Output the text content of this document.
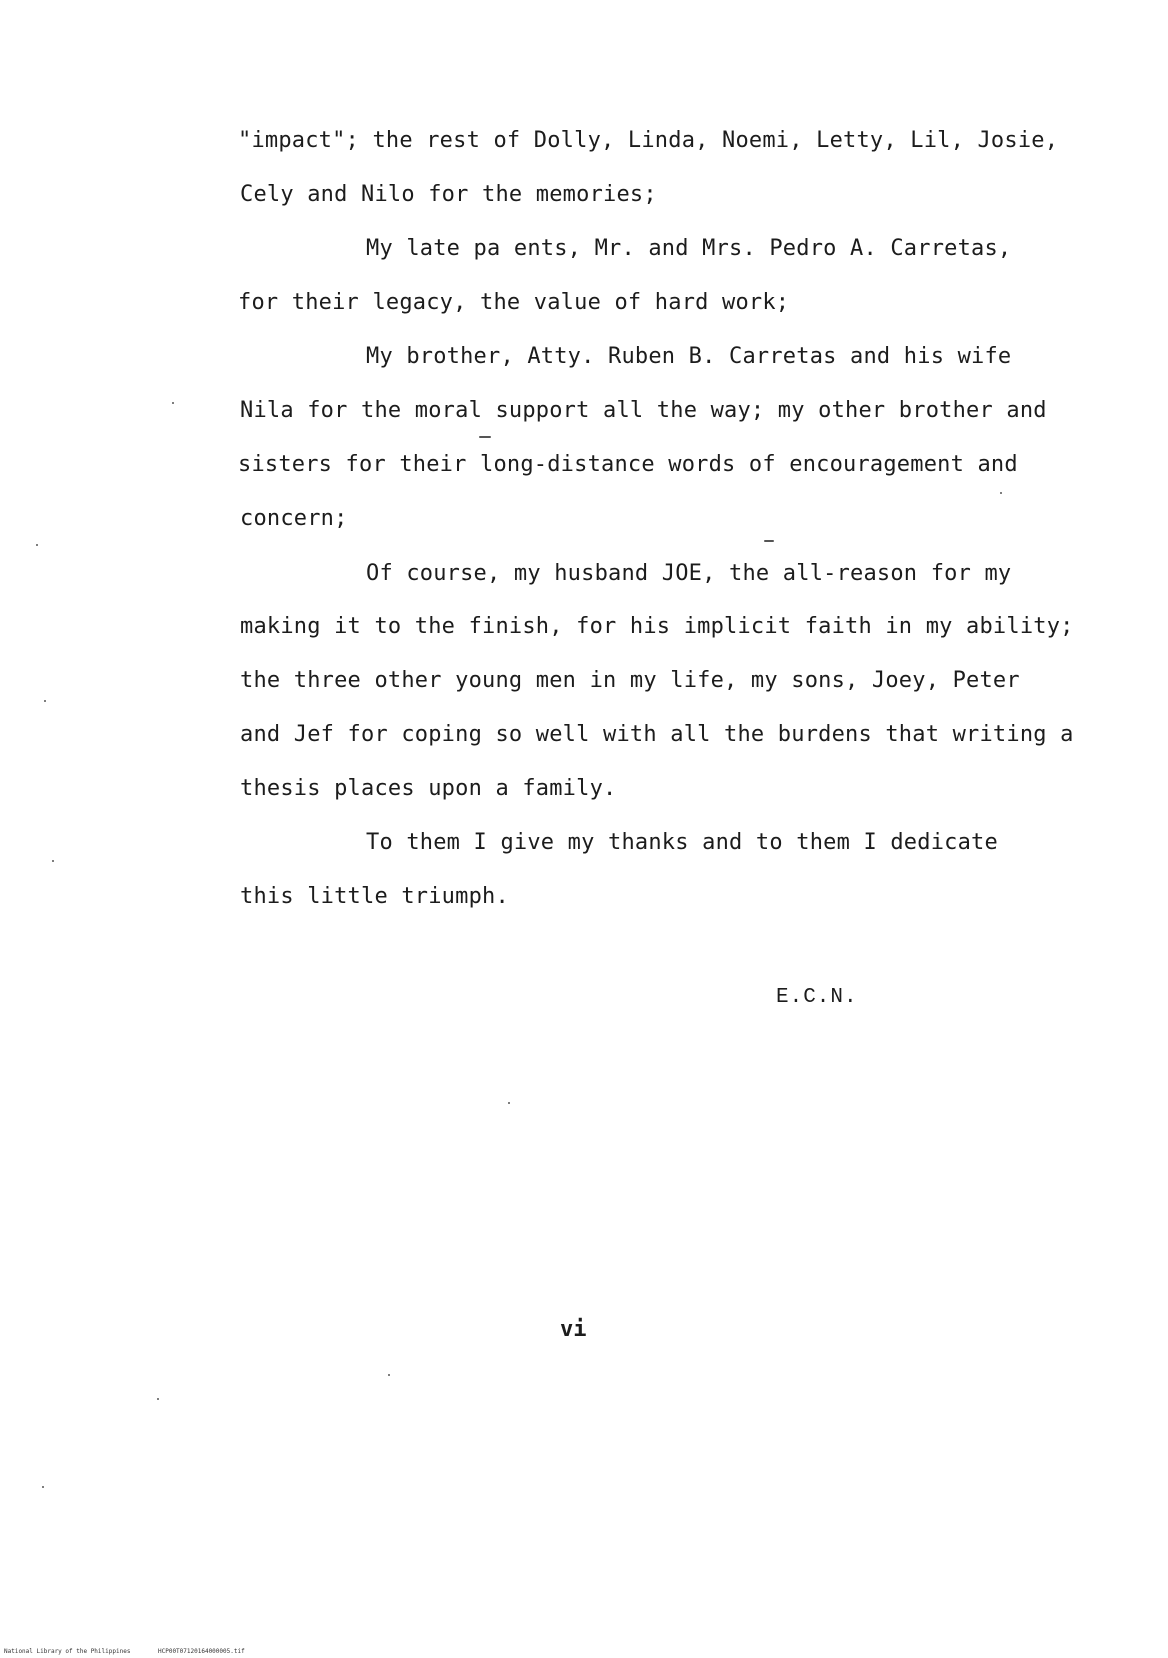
"impact"; the rest of Dolly, Linda, Noemi, Letty, Lil, Josie,
Cely and Nilo for the memories;
My late pa ents, Mr. and Mrs. Pedro A. Carretas,
for their legacy, the value of hard work;
My brother, Atty. Ruben B. Carretas and his wife
Nila for the moral support all the way; my other brother and
sisters for their long-distance words of encouragement and
concern;
Of course, my husband JOE, the all-reason for my
making it to the finish, for his implicit faith in my ability;
the three other young men in my life, my sons, Joey, Peter
and Jef for coping so well with all the burdens that writing a
thesis places upon a family.
To them I give my thanks and to them I dedicate
this little triumph.
E.C.N.
vi
National Library of the Philippines	HCP00T07120164000005.tif
